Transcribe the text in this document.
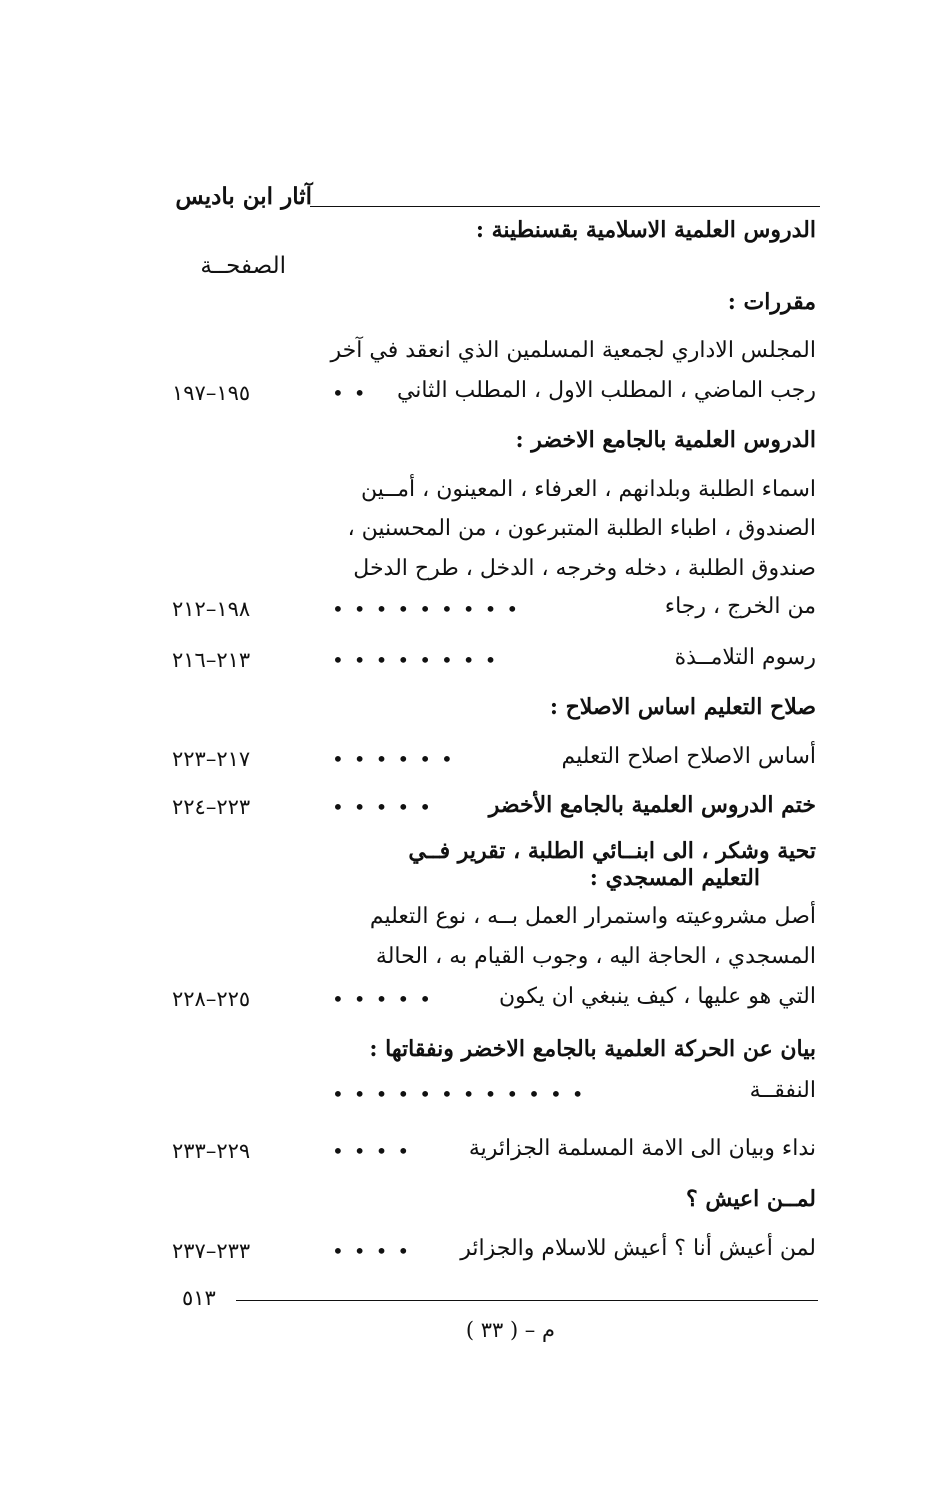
آثار ابن باديس
الدروس العلمية الاسلامية بقسنطينة :
الصفحــة
مقررات :
المجلس الاداري لجمعية المسلمين الذي انعقد في آخر
رجب الماضي ، المطلب الاول ، المطلب الثاني
••
١٩٥–١٩٧
الدروس العلمية بالجامع الاخضر :
اسماء الطلبة وبلدانهم ، العرفاء ، المعينون ، أمــين
الصندوق ، اطباء الطلبة المتبرعون ، من المحسنين ،
صندوق الطلبة ، دخله وخرجه ، الدخل ، طرح الدخل
من الخرج ، رجاء
•••••••••
١٩٨–٢١٢
رسوم التلامــذة
••••••••
٢١٣–٢١٦
صلاح التعليم اساس الاصلاح :
أساس الاصلاح اصلاح التعليم
••••••
٢١٧–٢٢٣
ختم الدروس العلمية بالجامع الأخضر
•••••
٢٢٣–٢٢٤
تحية وشكر ، الى ابنــائي الطلبة ، تقرير فــي
التعليم المسجدي :
أصل مشروعيته واستمرار العمل بــه ، نوع التعليم
المسجدي ، الحاجة اليه ، وجوب القيام به ، الحالة
التي هو عليها ، كيف ينبغي ان يكون
•••••
٢٢٥–٢٢٨
بيان عن الحركة العلمية بالجامع الاخضر ونفقاتها :
النفقــة
••••••••••••
نداء وبيان الى الامة المسلمة الجزائرية
••••
٢٢٩–٢٣٣
لمــن اعيش ؟
لمن أعيش أنا ؟ أعيش للاسلام والجزائر
••••
٢٣٣–٢٣٧
٥١٣
م – ( ٣٣ )
